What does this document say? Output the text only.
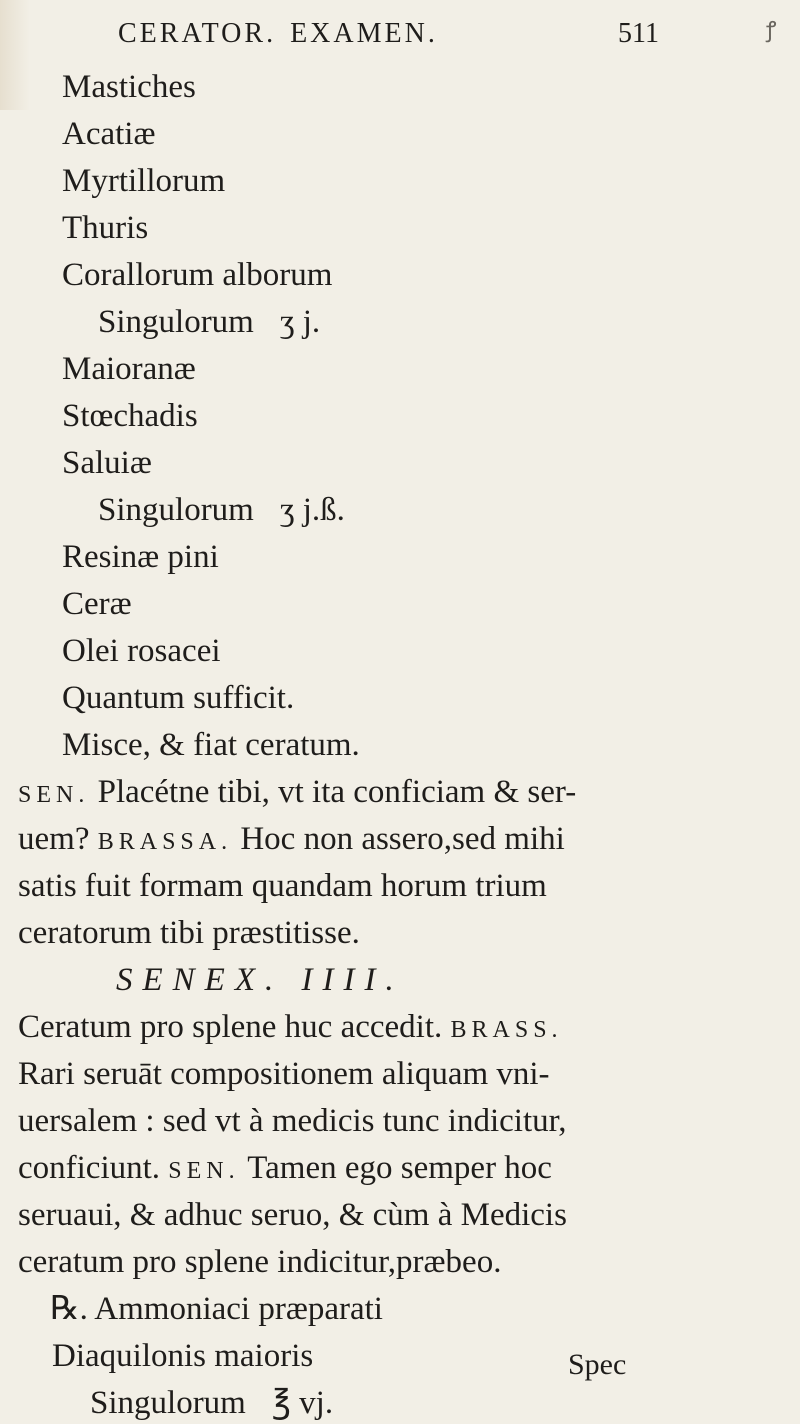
CERATOR. EXAMEN.	511	ꝭ
Mastiches
Acatiæ
Myrtillorum
Thuris
Corallorum alborum
Singulorum ʒ j.
Maioranæ
Stœchadis
Saluiæ
Singulorum ʒ j.ß.
Resinæ pini
Ceræ
Olei rosacei
Quantum sufficit.
Misce, & fiat ceratum.
SEN. Placétne tibi, vt ita conficiam & ser-
uem? BRASSA. Hoc non assero,sed mihi
satis fuit formam quandam horum trium
ceratorum tibi præstitisse.
SENEX. IIII.
Ceratum pro splene huc accedit. BRASS.
Rari seruāt compositionem aliquam vni-
uersalem : sed vt à medicis tunc indicitur,
conficiunt. SEN. Tamen ego semper hoc
seruaui, & adhuc seruo, & cùm à Medicis
ceratum pro splene indicitur,præbeo.
℞. Ammoniaci præparati
Diaquilonis maioris
Singulorum ℥ vj.
Spec
